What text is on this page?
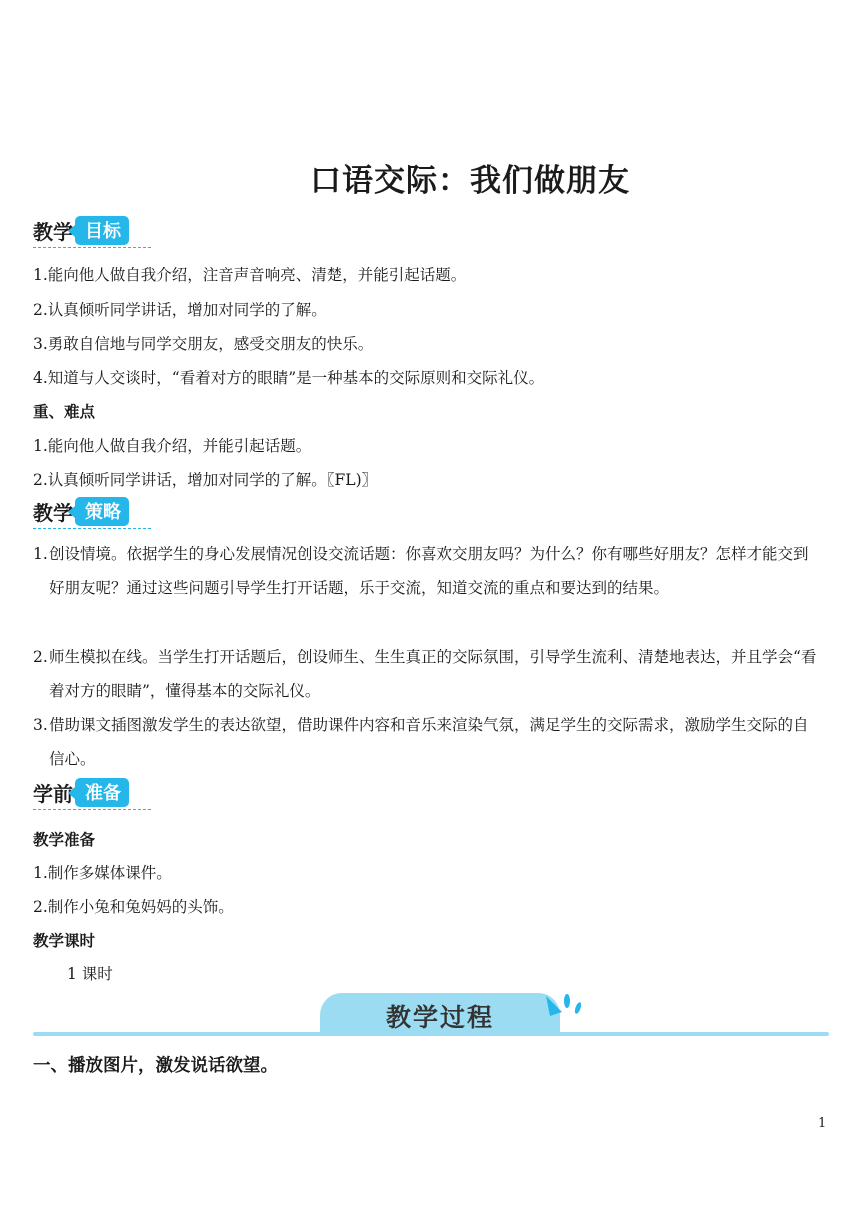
口语交际：我们做朋友
教学 目标
1.能向他人做自我介绍，注音声音响亮、清楚，并能引起话题。
2.认真倾听同学讲话，增加对同学的了解。
3.勇敢自信地与同学交朋友，感受交朋友的快乐。
4.知道与人交谈时，“看着对方的眼睛”是一种基本的交际原则和交际礼仪。
重、难点
1.能向他人做自我介绍，并能引起话题。
2.认真倾听同学讲话，增加对同学的了解。〖FL)〗
教学 策略
1. 创设情境。依据学生的身心发展情况创设交流话题：你喜欢交朋友吗？为什么？你有哪些好朋友？怎样才能交到好朋友呢？通过这些问题引导学生打开话题，乐于交流，知道交流的重点和要达到的结果。
2. 师生模拟在线。当学生打开话题后，创设师生、生生真正的交际氛围，引导学生流利、清楚地表达，并且学会“看着对方的眼睛”，懂得基本的交际礼仪。
3. 借助课文插图激发学生的表达欲望，借助课件内容和音乐来渲染气氛，满足学生的交际需求，激励学生交际的自信心。
学前 准备
教学准备
1.制作多媒体课件。
2.制作小兔和兔妈妈的头饰。
教学课时
1 课时
教学过程
一、播放图片，激发说话欲望。
1
